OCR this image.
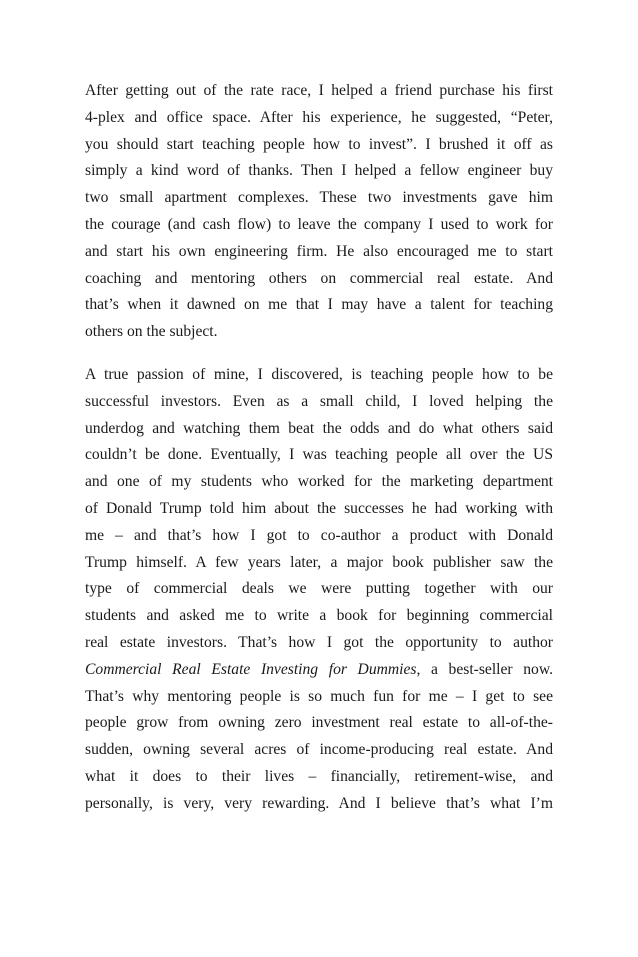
After getting out of the rate race, I helped a friend purchase his first
4-plex and office space. After his experience, he suggested, “Peter,
you should start teaching people how to invest”. I brushed it off as
simply a kind word of thanks. Then I helped a fellow engineer buy
two small apartment complexes. These two investments gave him
the courage (and cash flow) to leave the company I used to work for
and start his own engineering firm. He also encouraged me to start
coaching and mentoring others on commercial real estate. And
that’s when it dawned on me that I may have a talent for teaching
others on the subject.
A true passion of mine, I discovered, is teaching people how to be
successful investors. Even as a small child, I loved helping the
underdog and watching them beat the odds and do what others said
couldn’t be done. Eventually, I was teaching people all over the US
and one of my students who worked for the marketing department
of Donald Trump told him about the successes he had working with
me – and that’s how I got to co-author a product with Donald
Trump himself. A few years later, a major book publisher saw the
type of commercial deals we were putting together with our
students and asked me to write a book for beginning commercial
real estate investors. That’s how I got the opportunity to author
Commercial Real Estate Investing for Dummies, a best-seller now.
That’s why mentoring people is so much fun for me – I get to see
people grow from owning zero investment real estate to all-of-the-
sudden, owning several acres of income-producing real estate. And
what it does to their lives – financially, retirement-wise, and
personally, is very, very rewarding. And I believe that’s what I’m
